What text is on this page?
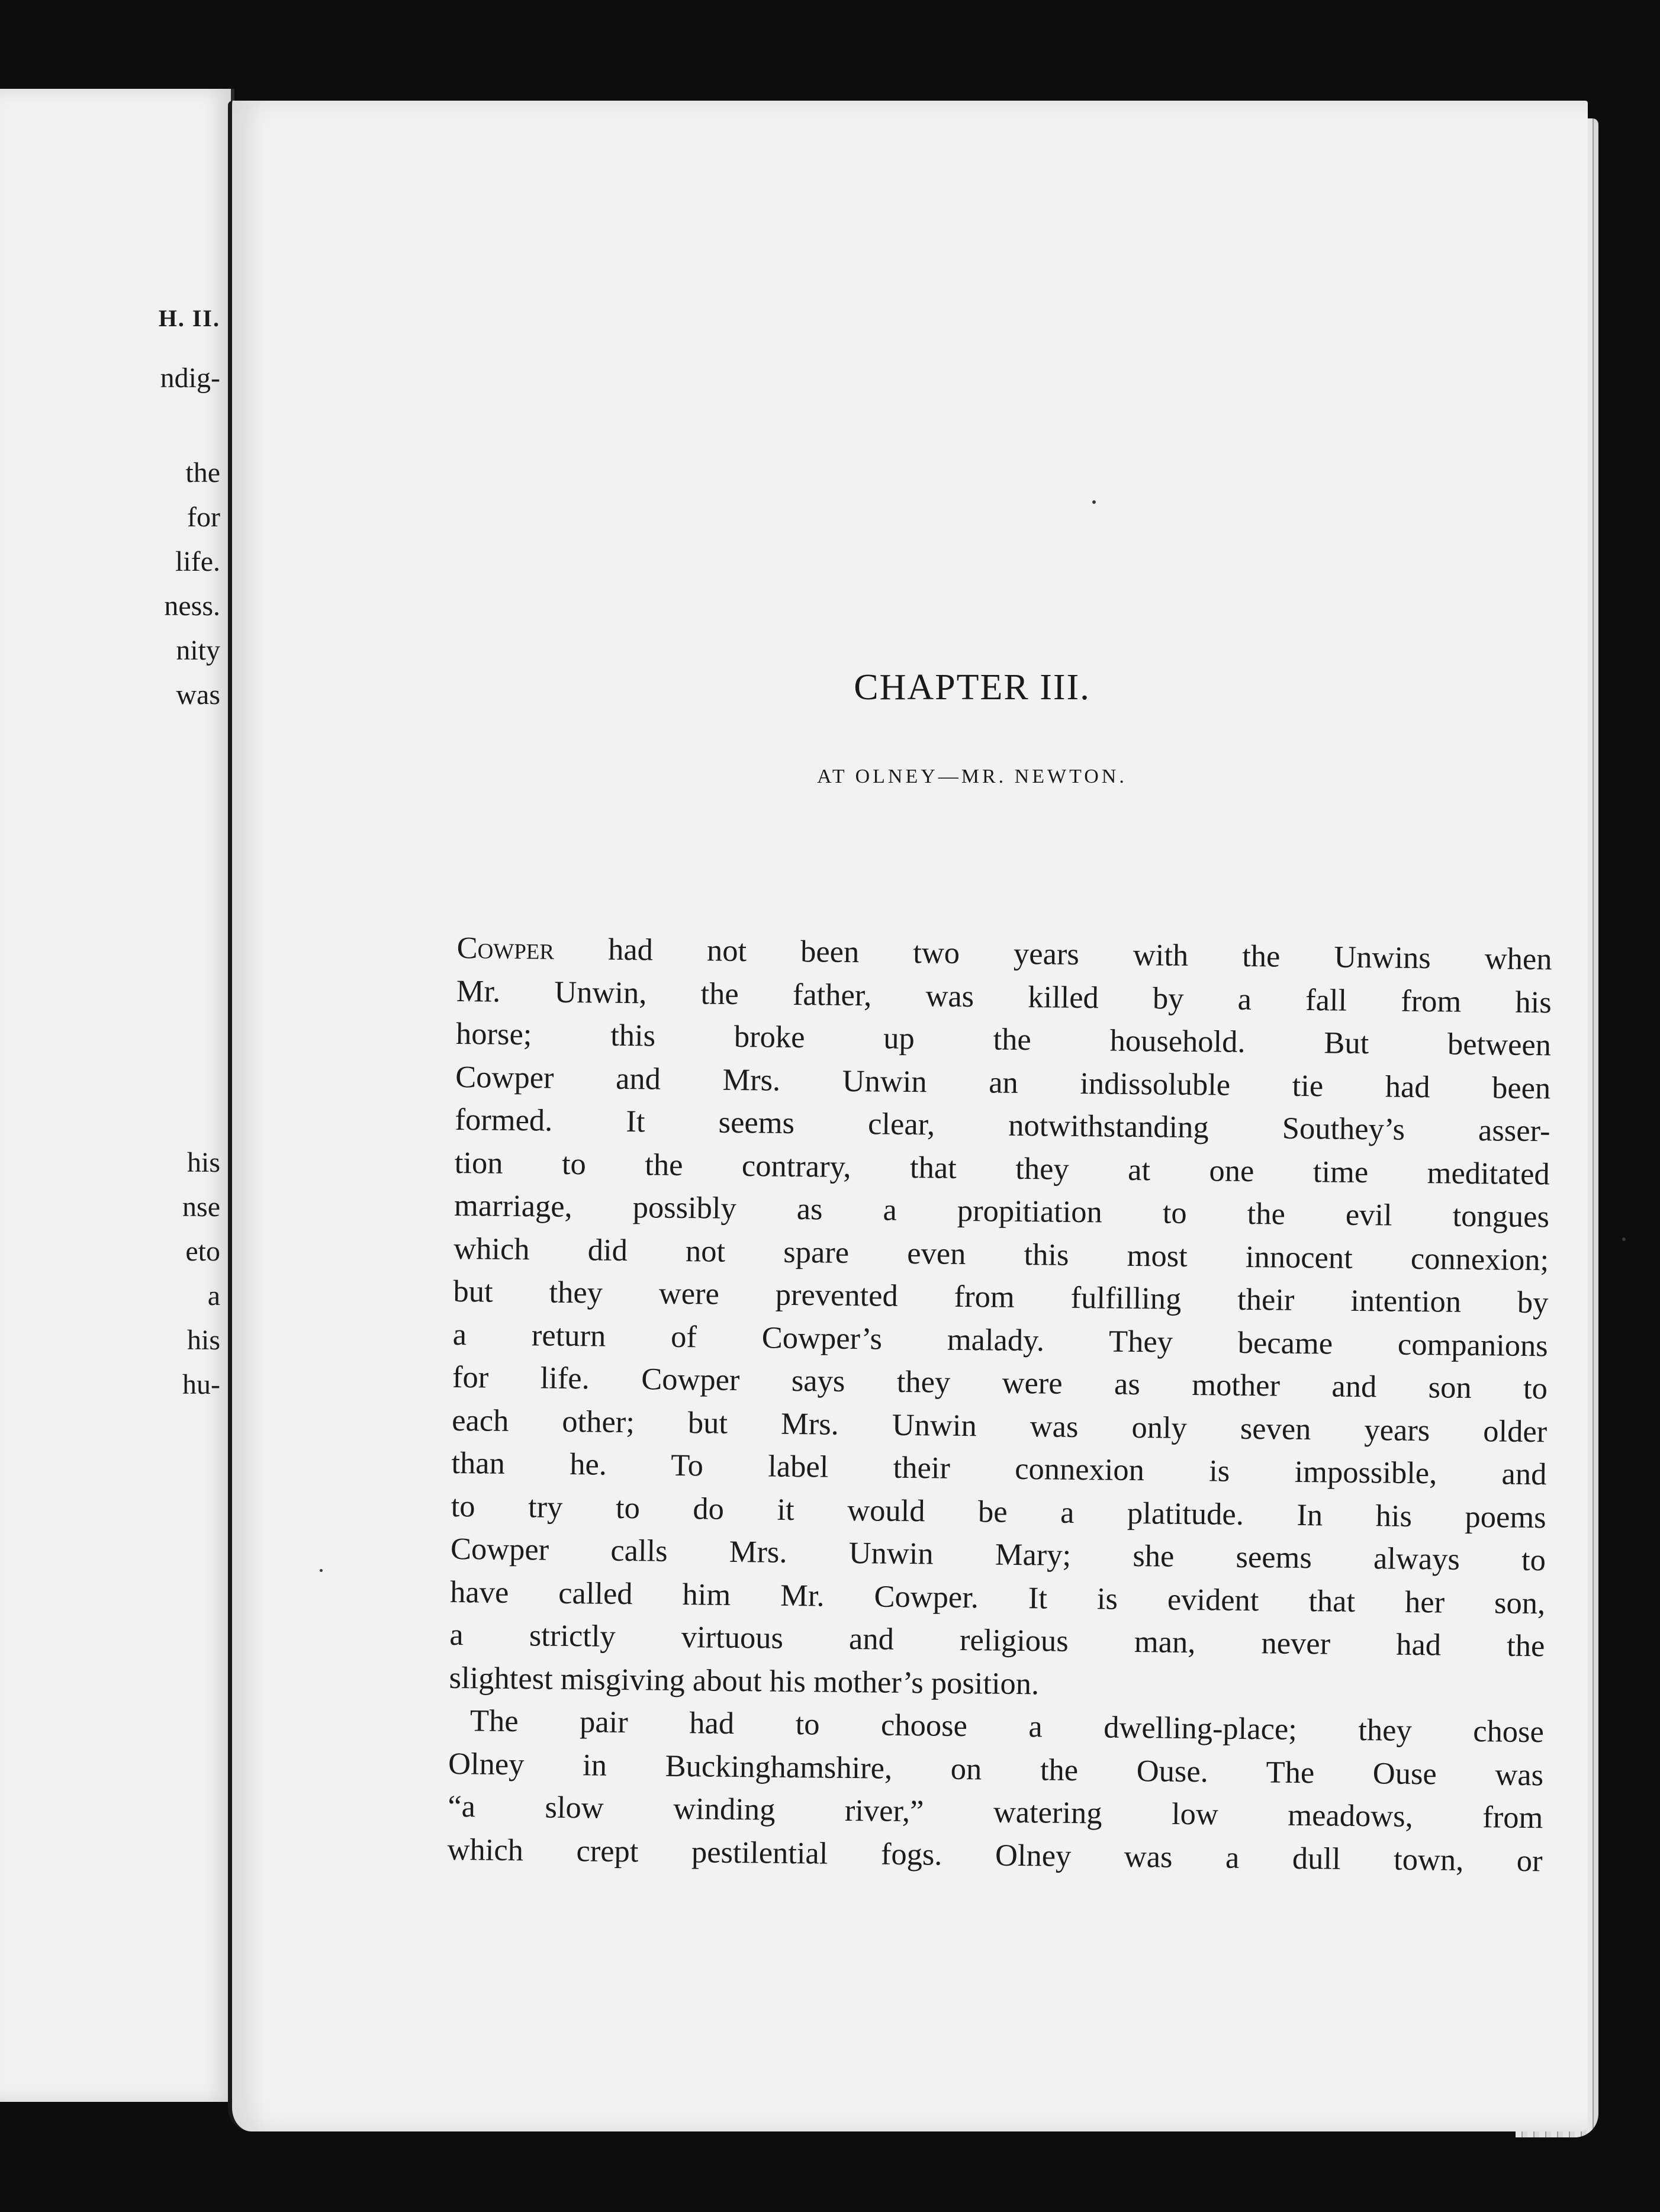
H. II.
ndig-
the
for
life.
ness.
nity
was
his
nse
eto
a
his
hu-
CHAPTER III.
AT OLNEY—MR. NEWTON.
Cowper had not been two years with the Unwins when
Mr. Unwin, the father, was killed by a fall from his
horse; this broke up the household. But between
Cowper and Mrs. Unwin an indissoluble tie had been
formed. It seems clear, notwithstanding Southey’s asser-
tion to the contrary, that they at one time meditated
marriage, possibly as a propitiation to the evil tongues
which did not spare even this most innocent connexion;
but they were prevented from fulfilling their intention by
a return of Cowper’s malady. They became companions
for life. Cowper says they were as mother and son to
each other; but Mrs. Unwin was only seven years older
than he. To label their connexion is impossible, and
to try to do it would be a platitude. In his poems
Cowper calls Mrs. Unwin Mary; she seems always to
have called him Mr. Cowper. It is evident that her son,
a strictly virtuous and religious man, never had the
slightest misgiving about his mother’s position.
The pair had to choose a dwelling-place; they chose
Olney in Buckinghamshire, on the Ouse. The Ouse was
“a slow winding river,” watering low meadows, from
which crept pestilential fogs. Olney was a dull town, or
